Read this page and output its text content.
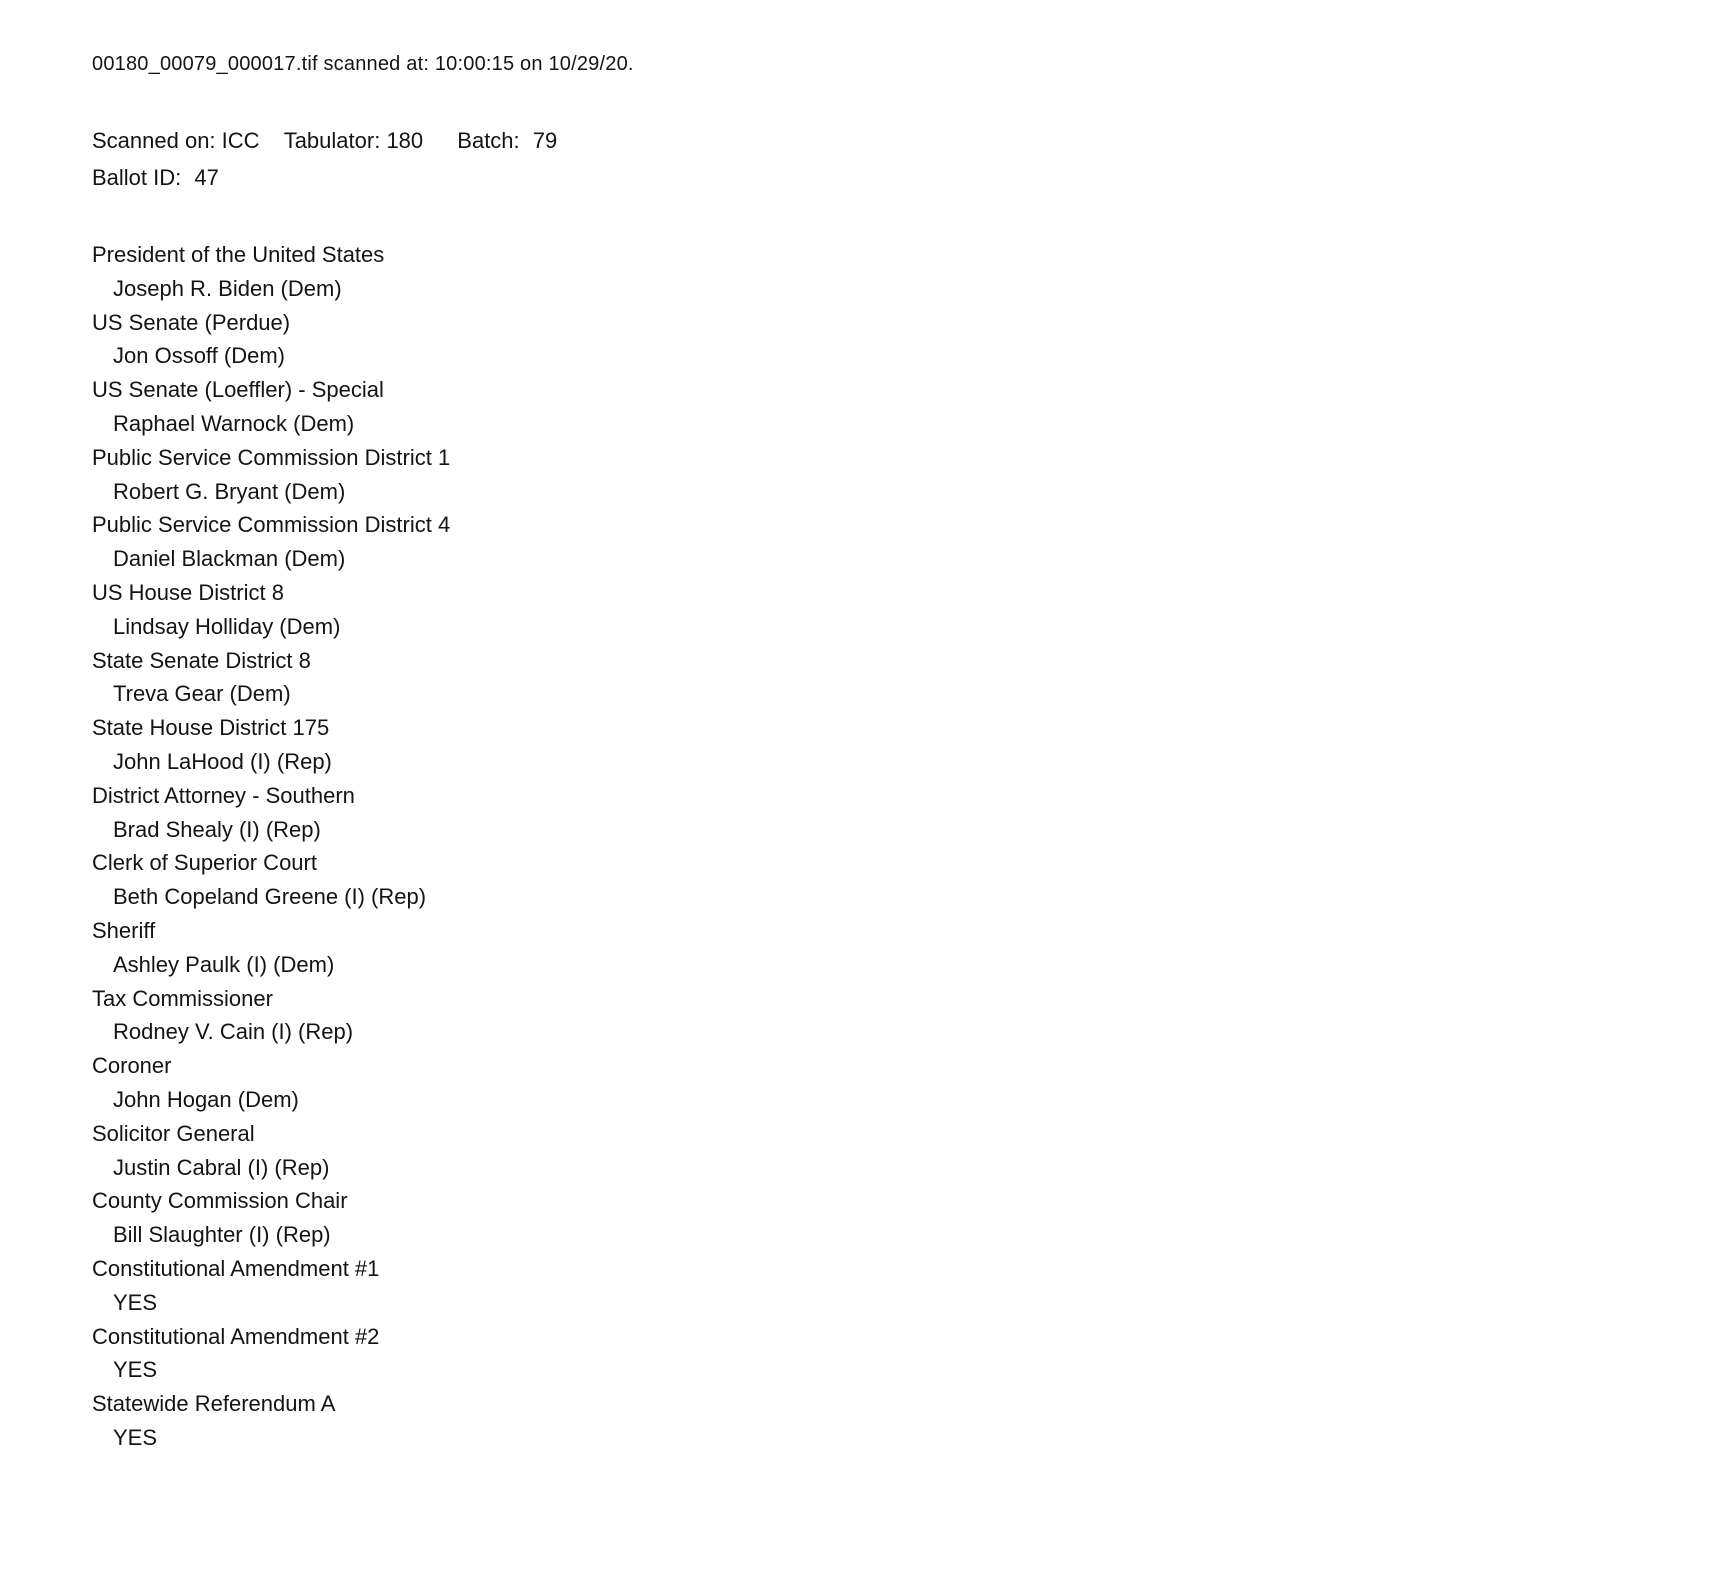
00180_00079_000017.tif scanned at: 10:00:15 on 10/29/20.
Scanned on: ICC Tabulator: 180 Batch: 79
Ballot ID: 47
President of the United States
Joseph R. Biden (Dem)
US Senate (Perdue)
Jon Ossoff (Dem)
US Senate (Loeffler) - Special
Raphael Warnock (Dem)
Public Service Commission District 1
Robert G. Bryant (Dem)
Public Service Commission District 4
Daniel Blackman (Dem)
US House District 8
Lindsay Holliday (Dem)
State Senate District 8
Treva Gear (Dem)
State House District 175
John LaHood (I) (Rep)
District Attorney - Southern
Brad Shealy (I) (Rep)
Clerk of Superior Court
Beth Copeland Greene (I) (Rep)
Sheriff
Ashley Paulk (I) (Dem)
Tax Commissioner
Rodney V. Cain (I) (Rep)
Coroner
John Hogan (Dem)
Solicitor General
Justin Cabral (I) (Rep)
County Commission Chair
Bill Slaughter (I) (Rep)
Constitutional Amendment #1
YES
Constitutional Amendment #2
YES
Statewide Referendum A
YES
